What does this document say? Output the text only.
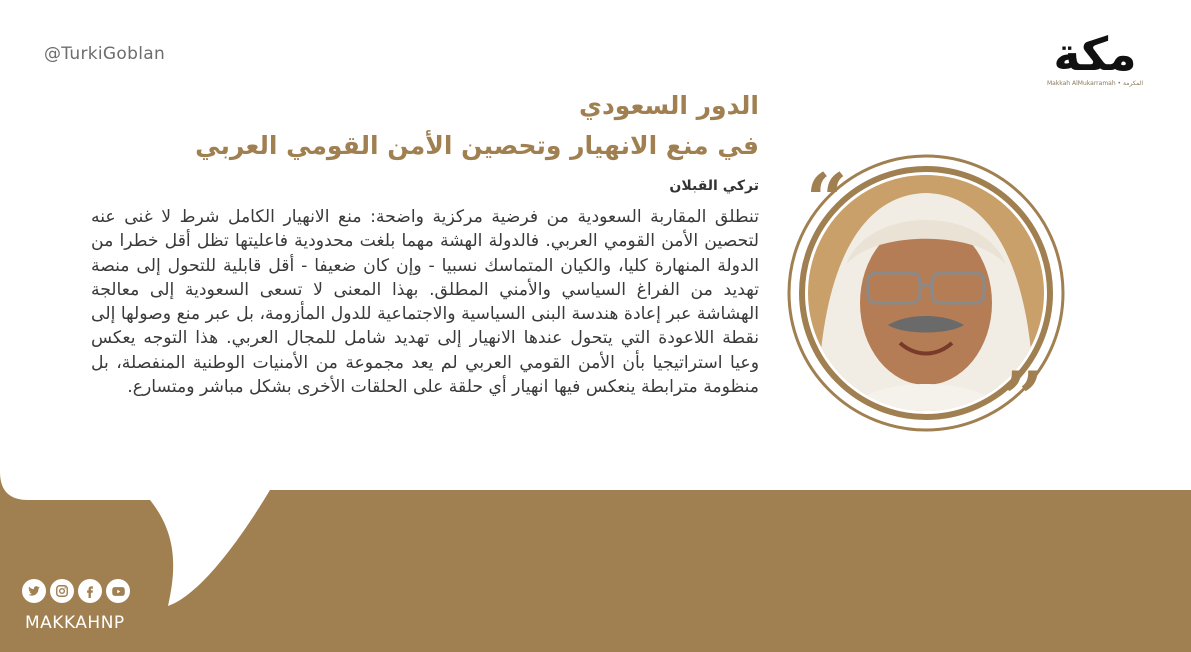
@TurkiGoblan	مكة
Makkah AlMukarramah • المكرمة
الدور السعودي
في منع الانهيار وتحصين الأمن القومي العربي
تركي القبلان
تنطلق المقاربة السعودية من فرضية مركزية واضحة: منع الانهيار الكامل شرط لا غنى عنه لتحصين الأمن القومي العربي. فالدولة الهشة مهما بلغت محدودية فاعليتها تظل أقل خطرا من الدولة المنهارة كليا، والكيان المتماسك نسبيا - وإن كان ضعيفا - أقل قابلية للتحول إلى منصة تهديد من الفراغ السياسي والأمني المطلق. بهذا المعنى لا تسعى السعودية إلى معالجة الهشاشة عبر إعادة هندسة البنى السياسية والاجتماعية للدول المأزومة، بل عبر منع وصولها إلى نقطة اللاعودة التي يتحول عندها الانهيار إلى تهديد شامل للمجال العربي. هذا التوجه يعكس وعيا استراتيجيا بأن الأمن القومي العربي لم يعد مجموعة من الأمنيات الوطنية المنفصلة، بل منظومة مترابطة ينعكس فيها انهيار أي حلقة على الحلقات الأخرى بشكل مباشر ومتسارع.
“
”
MAKKAHNP
